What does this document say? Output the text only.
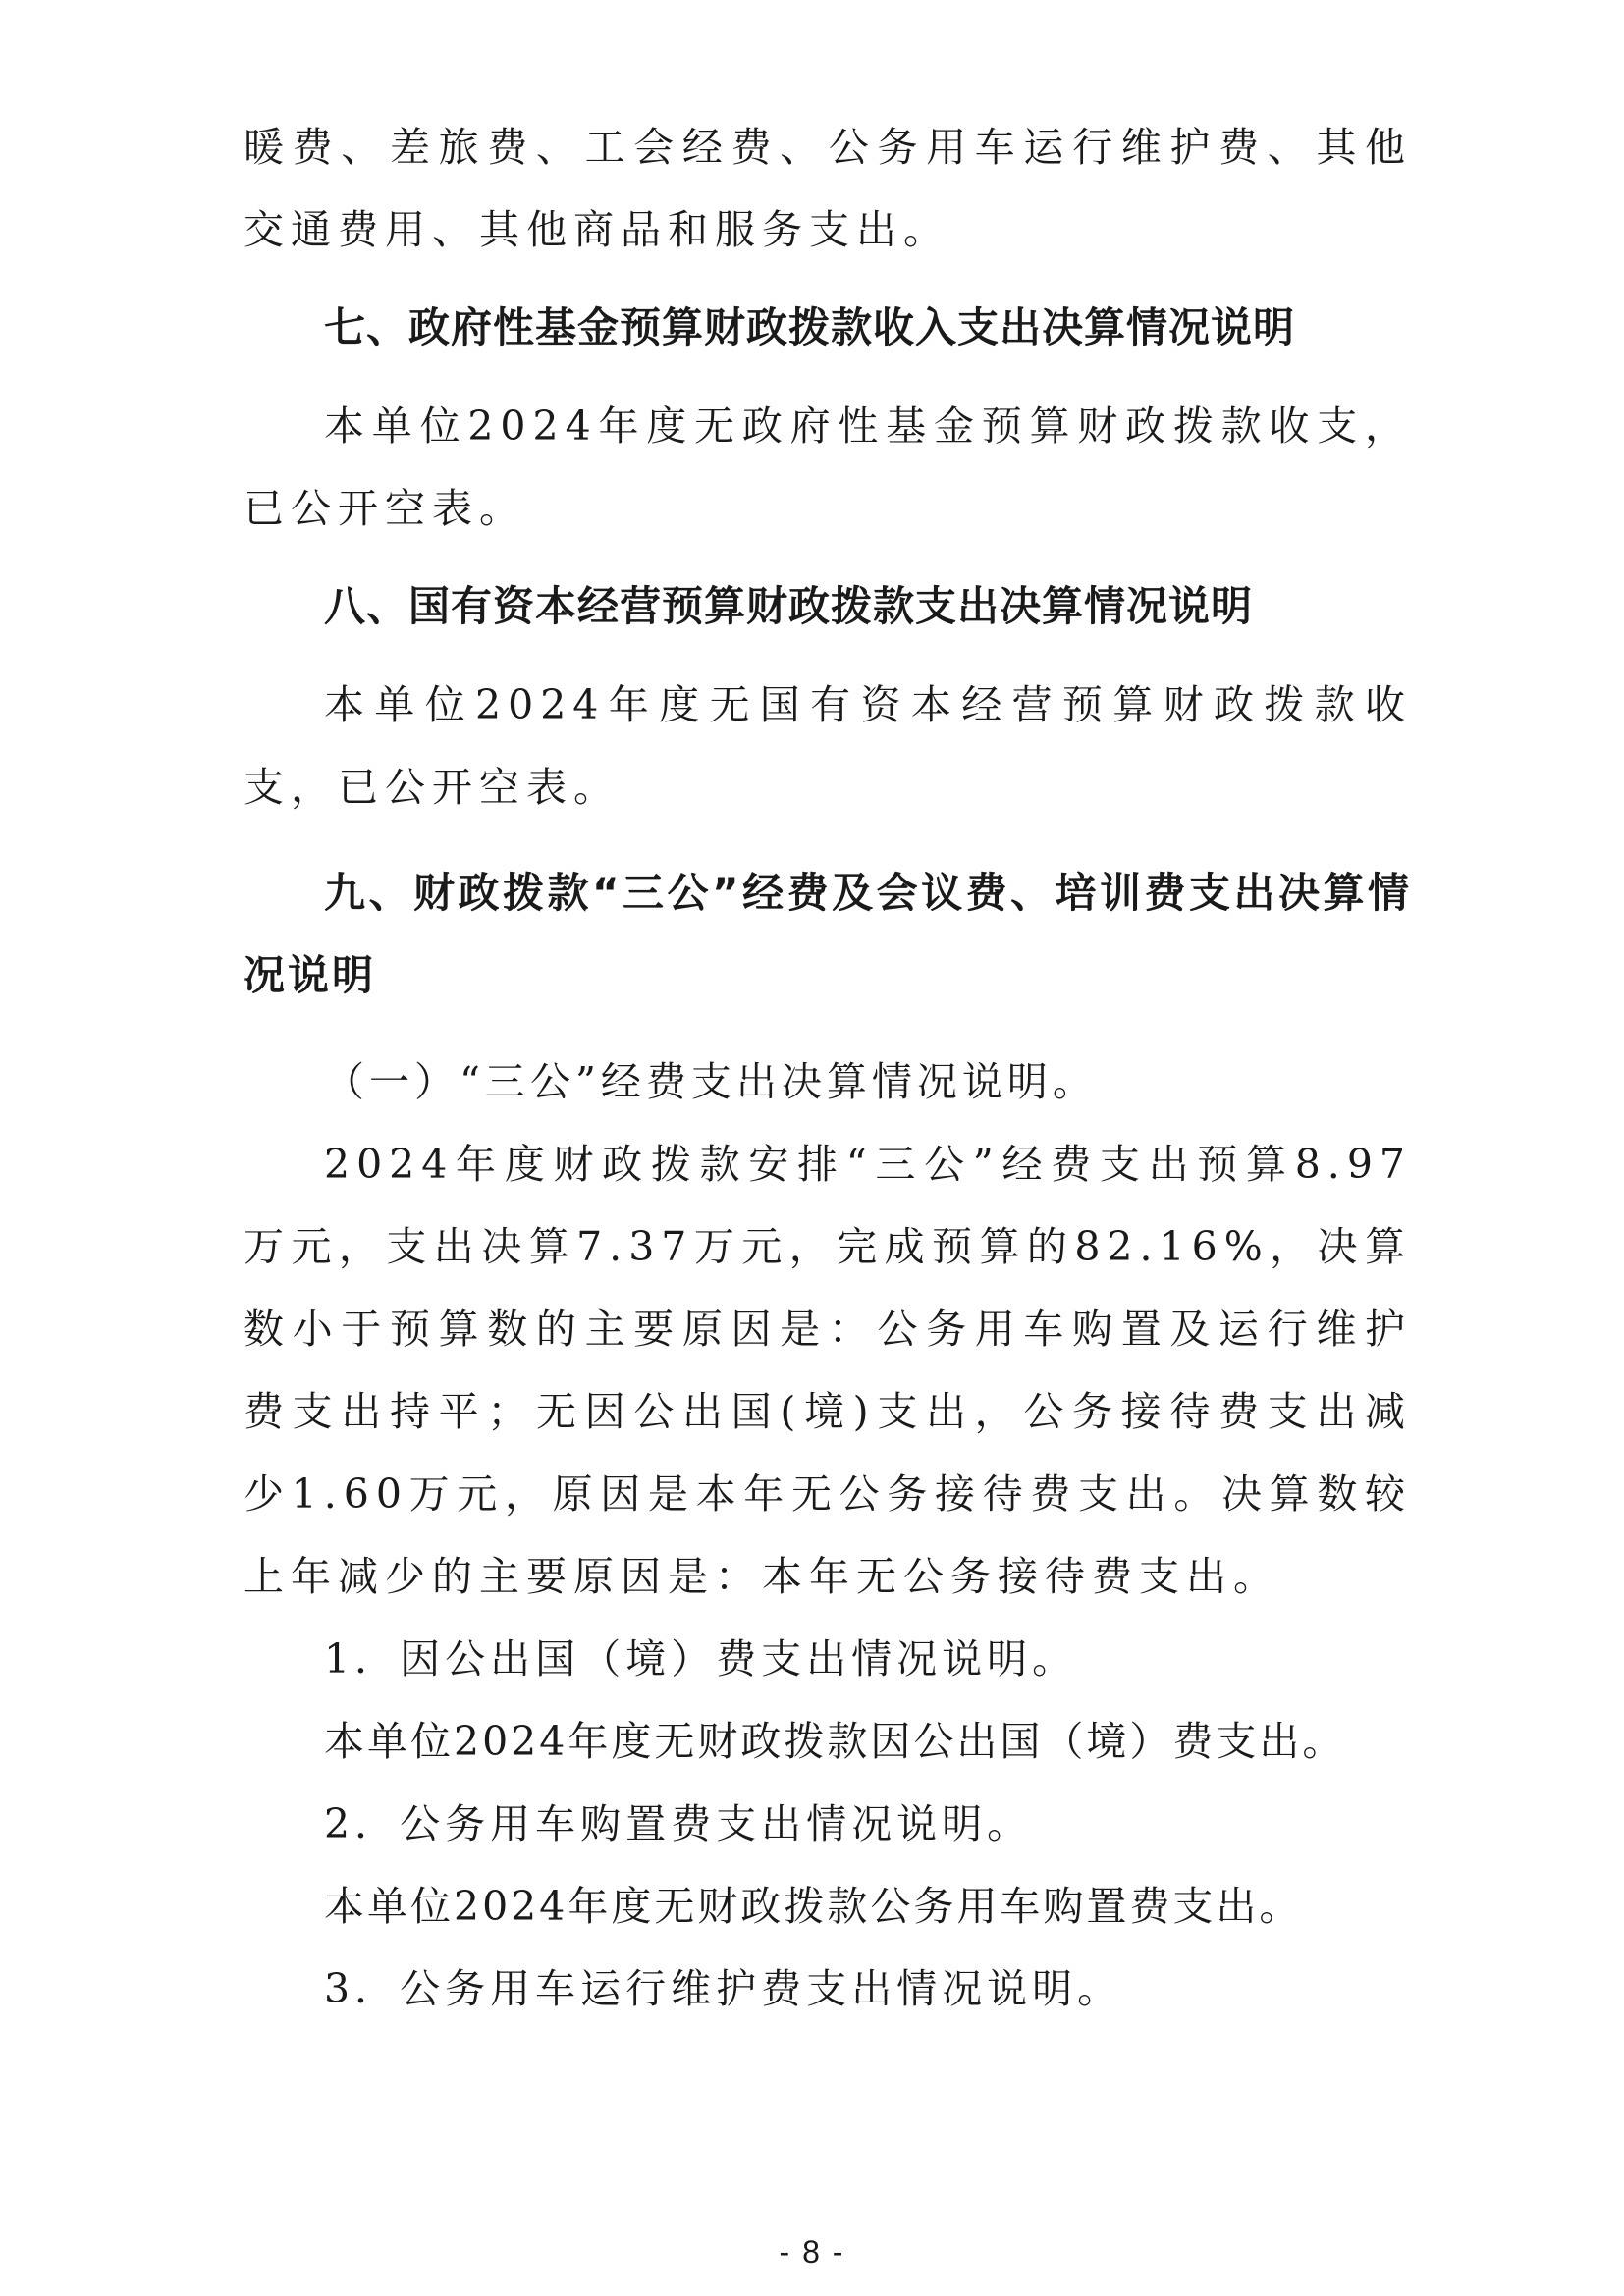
暖费、差旅费、工会经费、公务用车运行维护费、其他交通费用、其他商品和服务支出。

七、政府性基金预算财政拨款收入支出决算情况说明

本单位2024年度无政府性基金预算财政拨款收支，已公开空表。

八、国有资本经营预算财政拨款支出决算情况说明

本单位2024年度无国有资本经营预算财政拨款收支，已公开空表。

九、财政拨款“三公”经费及会议费、培训费支出决算情况说明

（一）“三公”经费支出决算情况说明。

2024年度财政拨款安排“三公”经费支出预算8.97万元，支出决算7.37万元，完成预算的82.16%，决算数小于预算数的主要原因是：公务用车购置及运行维护费支出持平；无因公出国(境)支出，公务接待费支出减少1.60万元，原因是本年无公务接待费支出。决算数较上年减少的主要原因是：本年无公务接待费支出。

1．因公出国（境）费支出情况说明。

本单位2024年度无财政拨款因公出国（境）费支出。

2．公务用车购置费支出情况说明。

本单位2024年度无财政拨款公务用车购置费支出。

3．公务用车运行维护费支出情况说明。

- 8 -
